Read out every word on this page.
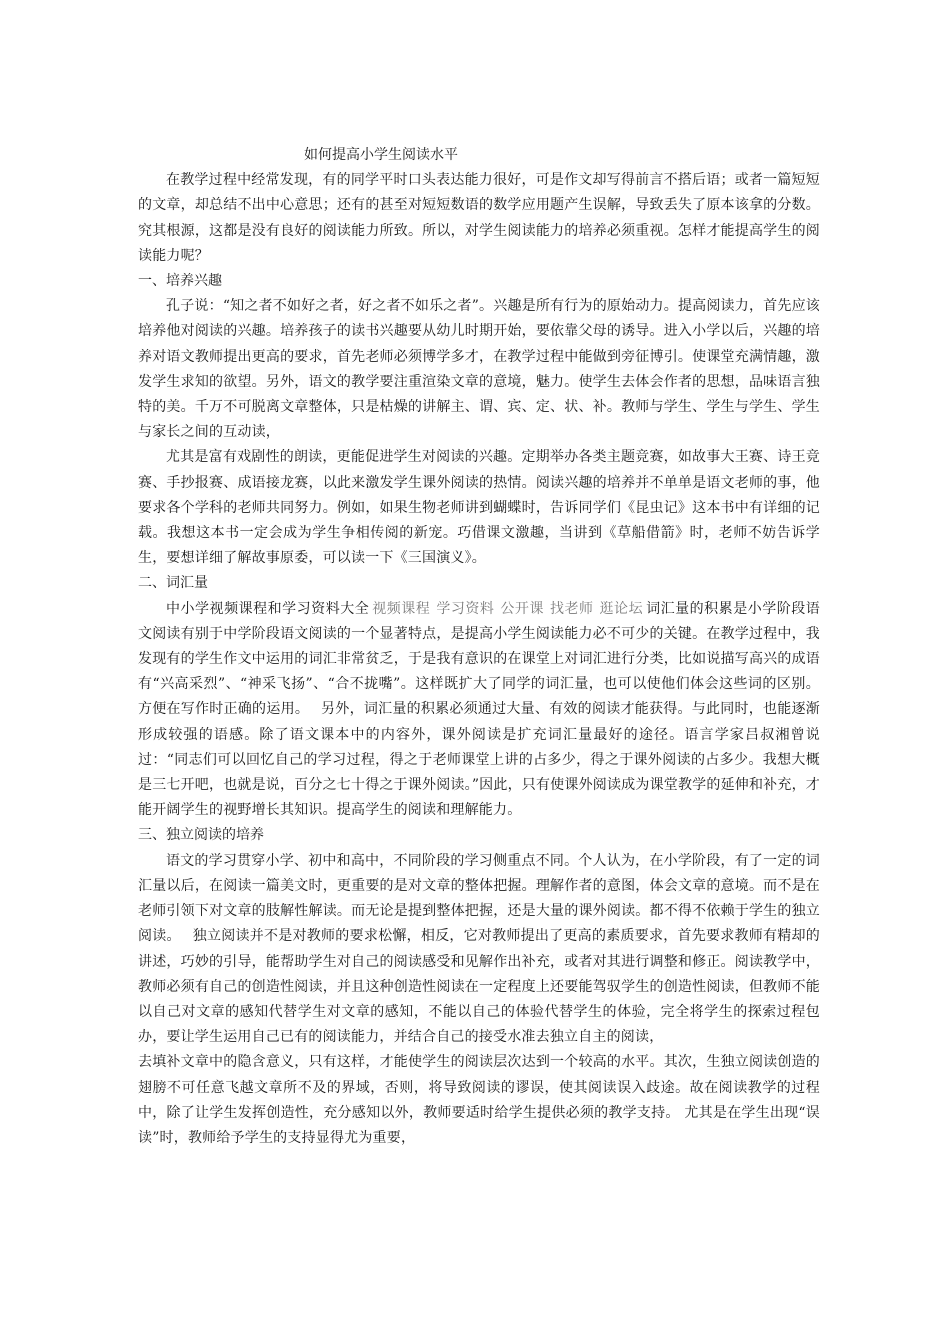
如何提高小学生阅读水平

在教学过程中经常发现，有的同学平时口头表达能力很好，可是作文却写得前言不搭后语；或者一篇短短的文章，却总结不出中心意思；还有的甚至对短短数语的数学应用题产生误解，导致丢失了原本该拿的分数。究其根源，这都是没有良好的阅读能力所致。所以，对学生阅读能力的培养必须重视。怎样才能提高学生的阅读能力呢？

一、培养兴趣

孔子说：“知之者不如好之者，好之者不如乐之者”。兴趣是所有行为的原始动力。提高阅读力，首先应该培养他对阅读的兴趣。培养孩子的读书兴趣要从幼儿时期开始，要依靠父母的诱导。进入小学以后，兴趣的培养对语文教师提出更高的要求，首先老师必须博学多才，在教学过程中能做到旁征博引。使课堂充满情趣，激发学生求知的欲望。另外，语文的教学要注重渲染文章的意境，魅力。使学生去体会作者的思想，品味语言独特的美。千万不可脱离文章整体，只是枯燥的讲解主、谓、宾、定、状、补。教师与学生、学生与学生、学生与家长之间的互动读，

尤其是富有戏剧性的朗读，更能促进学生对阅读的兴趣。定期举办各类主题竞赛，如故事大王赛、诗王竞赛、手抄报赛、成语接龙赛，以此来激发学生课外阅读的热情。阅读兴趣的培养并不单单是语文老师的事，他要求各个学科的老师共同努力。例如，如果生物老师讲到蝴蝶时，告诉同学们《昆虫记》这本书中有详细的记载。我想这本书一定会成为学生争相传阅的新宠。巧借课文激趣，当讲到《草船借箭》时，老师不妨告诉学生，要想详细了解故事原委，可以读一下《三国演义》。

二、词汇量

中小学视频课程和学习资料大全 视频课程 学习资料 公开课 找老师 逛论坛 词汇量的积累是小学阶段语文阅读有别于中学阶段语文阅读的一个显著特点，是提高小学生阅读能力必不可少的关键。在教学过程中，我发现有的学生作文中运用的词汇非常贫乏，于是我有意识的在课堂上对词汇进行分类，比如说描写高兴的成语有“兴高采烈”、“神采飞扬”、“合不拢嘴”。这样既扩大了同学的词汇量，也可以使他们体会这些词的区别。方便在写作时正确的运用。　 另外，词汇量的积累必须通过大量、有效的阅读才能获得。与此同时，也能逐渐形成较强的语感。除了语文课本中的内容外，课外阅读是扩充词汇量最好的途径。语言学家吕叔湘曾说过：“同志们可以回忆自己的学习过程，得之于老师课堂上讲的占多少，得之于课外阅读的占多少。我想大概是三七开吧，也就是说，百分之七十得之于课外阅读。”因此，只有使课外阅读成为课堂教学的延伸和补充，才能开阔学生的视野增长其知识。提高学生的阅读和理解能力。

三、独立阅读的培养

语文的学习贯穿小学、初中和高中，不同阶段的学习侧重点不同。个人认为，在小学阶段，有了一定的词汇量以后，在阅读一篇美文时，更重要的是对文章的整体把握。理解作者的意图，体会文章的意境。而不是在老师引领下对文章的肢解性解读。而无论是提到整体把握，还是大量的课外阅读。都不得不依赖于学生的独立阅读。　 独立阅读并不是对教师的要求松懈，相反，它对教师提出了更高的素质要求，首先要求教师有精却的讲述，巧妙的引导，能帮助学生对自己的阅读感受和见解作出补充，或者对其进行调整和修正。阅读教学中，教师必须有自己的创造性阅读，并且这种创造性阅读在一定程度上还要能驾驭学生的创造性阅读，但教师不能以自己对文章的感知代替学生对文章的感知，不能以自己的体验代替学生的体验，完全将学生的探索过程包办，要让学生运用自己已有的阅读能力，并结合自己的接受水准去独立自主的阅读，

去填补文章中的隐含意义，只有这样，才能使学生的阅读层次达到一个较高的水平。其次，生独立阅读创造的翅膀不可任意飞越文章所不及的界域，否则，将导致阅读的谬误，使其阅读误入歧途。故在阅读教学的过程中，除了让学生发挥创造性，充分感知以外，教师要适时给学生提供必须的教学支持。 尤其是在学生出现“误读”时，教师给予学生的支持显得尤为重要，
